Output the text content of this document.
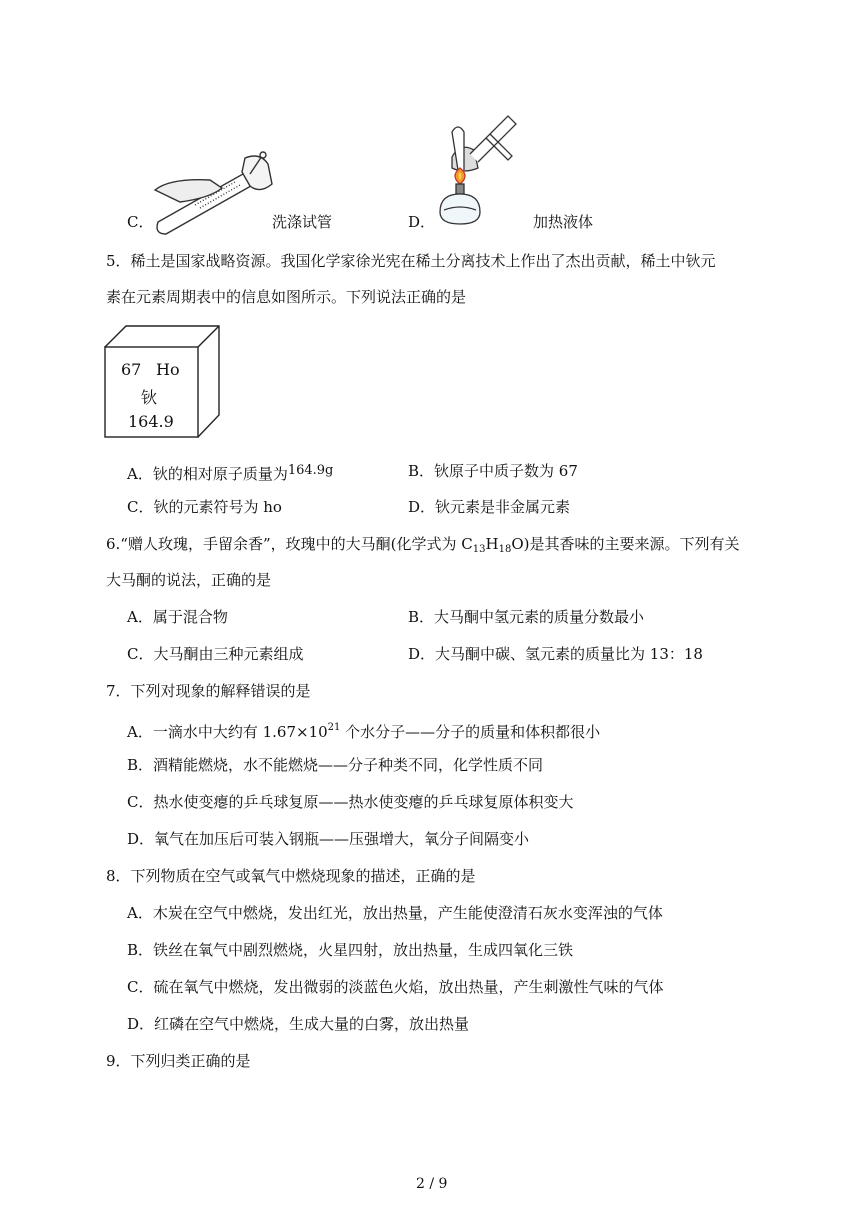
C．	洗涤试管	D．	加热液体
5．稀土是国家战略资源。我国化学家徐光宪在稀土分离技术上作出了杰出贡献，稀土中钬元
素在元素周期表中的信息如图所示。下列说法正确的是
67 Ho
钬
164.9
A．钬的相对原子质量为164.9g	B．钬原子中质子数为 67
C．钬的元素符号为 ho	D．钬元素是非金属元素
6.“赠人玫瑰，手留余香”，玫瑰中的大马酮(化学式为 $C_{13}H_{18}O$)是其香味的主要来源。下列有关
大马酮的说法，正确的是
A．属于混合物	B．大马酮中氢元素的质量分数最小
C．大马酮由三种元素组成	D．大马酮中碳、氢元素的质量比为 13：18
7．下列对现象的解释错误的是
A．一滴水中大约有 $1.67\times 10^{21}$ 个水分子——分子的质量和体积都很小
B．酒精能燃烧，水不能燃烧——分子种类不同，化学性质不同
C．热水使变瘪的乒乓球复原——热水使变瘪的乒乓球复原体积变大
D．氧气在加压后可装入钢瓶——压强增大，氧分子间隔变小
8．下列物质在空气或氧气中燃烧现象的描述，正确的是
A．木炭在空气中燃烧，发出红光，放出热量，产生能使澄清石灰水变浑浊的气体
B．铁丝在氧气中剧烈燃烧，火星四射，放出热量，生成四氧化三铁
C．硫在氧气中燃烧，发出微弱的淡蓝色火焰，放出热量，产生刺激性气味的气体
D．红磷在空气中燃烧，生成大量的白雾，放出热量
9．下列归类正确的是
2 / 9
